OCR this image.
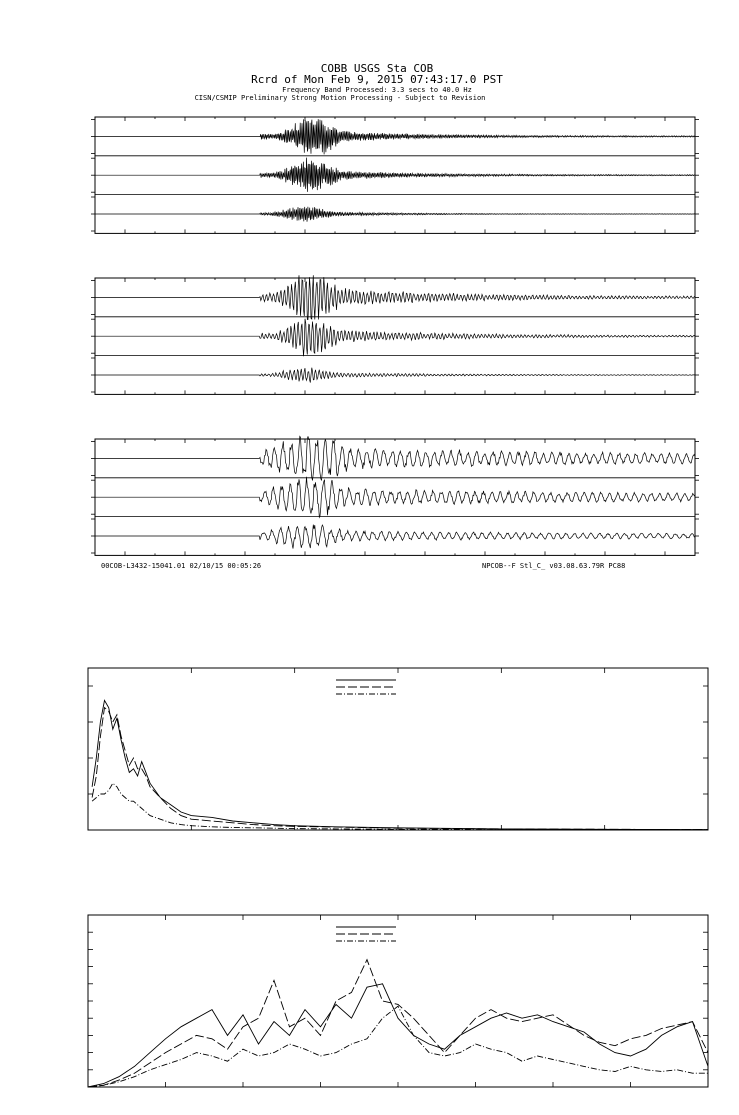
COBB USGS Sta COB
Rcrd of Mon Feb 9, 2015 07:43:17.0 PST
Frequency Band Processed: 3.3 secs to 40.0 Hz
CISN/CSMIP Preliminary Strong Motion Processing - Subject to Revision
00COB-L3432-15041.01 02/10/15 00:05:26	NPCOB--F Stl_C_ v03.08.63.79R PC88
